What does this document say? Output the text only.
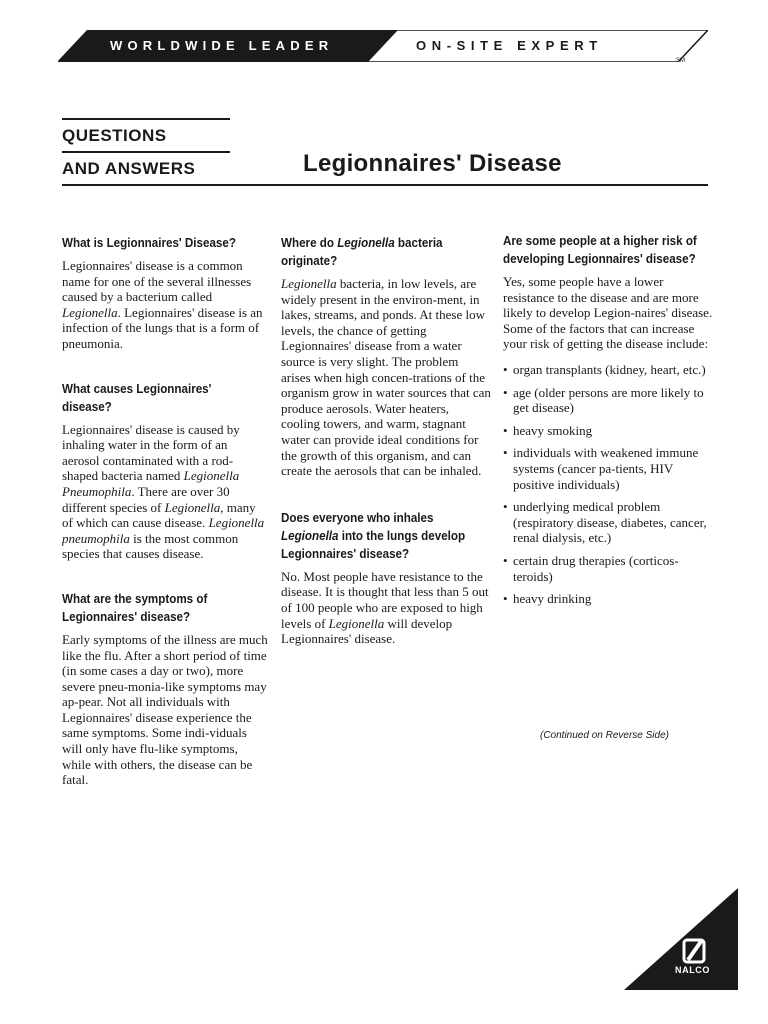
WORLDWIDE LEADER	ON-SITE EXPERT
SM
QUESTIONS
AND ANSWERS	Legionnaires' Disease
What is Legionnaires' Disease?

Legionnaires' disease is a common name for one of the several illnesses caused by a bacterium called Legionella. Legionnaires' disease is an infection of the lungs that is a form of pneumonia.

What causes Legionnaires' disease?

Legionnaires' disease is caused by inhaling water in the form of an aerosol contaminated with a rod-shaped bacteria named Legionella Pneumophila. There are over 30 different species of Legionella, many of which can cause disease. Legionella pneumophila is the most common species that causes disease.

What are the symptoms of Legionnaires' disease?

Early symptoms of the illness are much like the flu. After a short period of time (in some cases a day or two), more severe pneu-monia-like symptoms may ap-pear. Not all individuals with Legionnaires' disease experience the same symptoms. Some indi-viduals will only have flu-like symptoms, while with others, the disease can be fatal.

Where do Legionella bacteria originate?

Legionella bacteria, in low levels, are widely present in the environ-ment, in lakes, streams, and ponds. At these low levels, the chance of getting Legionnaires' disease from a water source is very slight. The problem arises when high concen-trations of the organism grow in water sources that can produce aerosols. Water heaters, cooling towers, and warm, stagnant water can provide ideal conditions for the growth of this organism, and can create the aerosols that can be inhaled.

Does everyone who inhales Legionella into the lungs develop Legionnaires' disease?

No. Most people have resistance to the disease. It is thought that less than 5 out of 100 people who are exposed to high levels of Legionella will develop Legionnaires' disease.

Are some people at a higher risk of developing Legionnaires' disease?

Yes, some people have a lower resistance to the disease and are more likely to develop Legion-naires' disease. Some of the factors that can increase your risk of getting the disease include:

• organ transplants (kidney, heart, etc.)
• age (older persons are more likely to get disease)
• heavy smoking
• individuals with weakened immune systems (cancer pa-tients, HIV positive individuals)
• underlying medical problem (respiratory disease, diabetes, cancer, renal dialysis, etc.)
• certain drug therapies (corticos-teroids)
• heavy drinking
(Continued on Reverse Side)
NALCO
